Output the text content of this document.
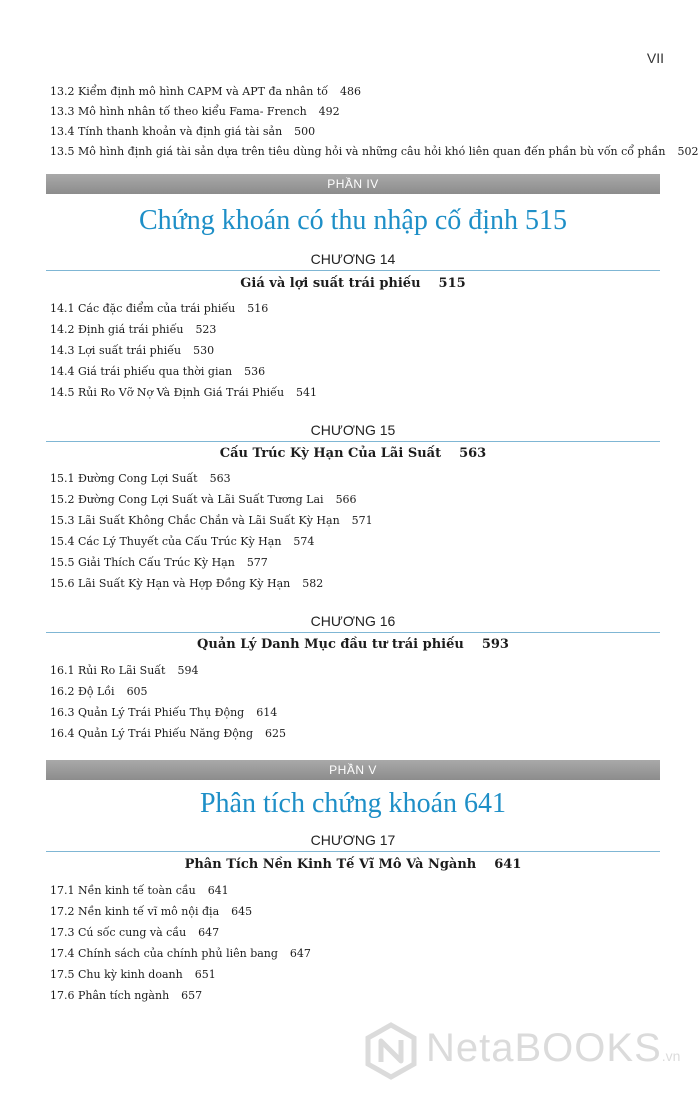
VII
13.2 Kiểm định mô hình CAPM và APT đa nhân tố 486
13.3 Mô hình nhân tố theo kiểu Fama- French 492
13.4 Tính thanh khoản và định giá tài sản 500
13.5 Mô hình định giá tài sản dựa trên tiêu dùng hỏi và những câu hỏi khó liên quan đến phần bù vốn cổ phần 502
PHẦN IV
Chứng khoán có thu nhập cố định 515
CHƯƠNG 14
Giá và lợi suất trái phiếu 515
14.1 Các đặc điểm của trái phiếu 516
14.2 Định giá trái phiếu 523
14.3 Lợi suất trái phiếu 530
14.4 Giá trái phiếu qua thời gian 536
14.5 Rủi Ro Vỡ Nợ Và Định Giá Trái Phiếu 541
CHƯƠNG 15
Cấu Trúc Kỳ Hạn Của Lãi Suất 563
15.1 Đường Cong Lợi Suất 563
15.2 Đường Cong Lợi Suất và Lãi Suất Tương Lai 566
15.3 Lãi Suất Không Chắc Chắn và Lãi Suất Kỳ Hạn 571
15.4 Các Lý Thuyết của Cấu Trúc Kỳ Hạn 574
15.5 Giải Thích Cấu Trúc Kỳ Hạn 577
15.6 Lãi Suất Kỳ Hạn và Hợp Đồng Kỳ Hạn 582
CHƯƠNG 16
Quản Lý Danh Mục đầu tư trái phiếu 593
16.1 Rủi Ro Lãi Suất 594
16.2 Độ Lồi 605
16.3 Quản Lý Trái Phiếu Thụ Động 614
16.4 Quản Lý Trái Phiếu Năng Động 625
PHẦN V
Phân tích chứng khoán 641
CHƯƠNG 17
Phân Tích Nền Kinh Tế Vĩ Mô Và Ngành 641
17.1 Nền kinh tế toàn cầu 641
17.2 Nền kinh tế vĩ mô nội địa 645
17.3 Cú sốc cung và cầu 647
17.4 Chính sách của chính phủ liên bang 647
17.5 Chu kỳ kinh doanh 651
17.6 Phân tích ngành 657
NetaBOOKS.vn
